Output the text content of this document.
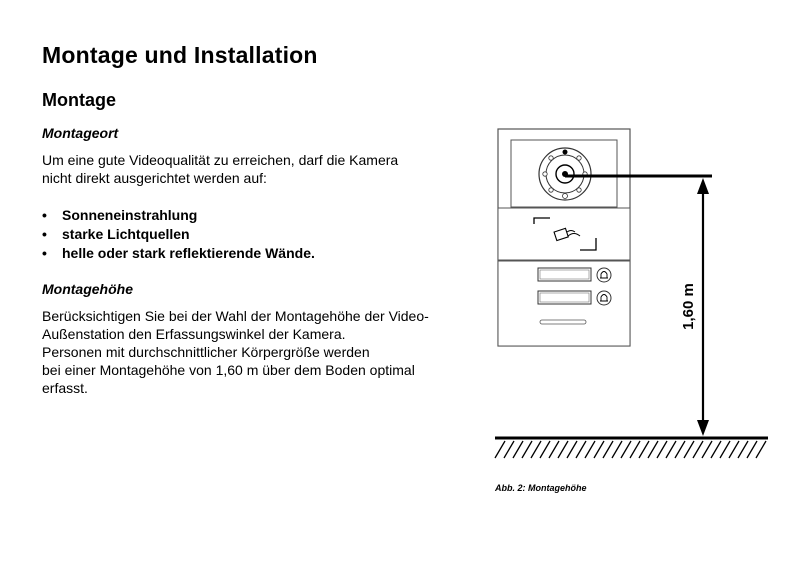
Montage und Installation
Montage
Montageort
Um eine gute Videoqualität zu erreichen, darf die Kamera
nicht direkt ausgerichtet werden auf:
• Sonneneinstrahlung
• starke Lichtquellen
• helle oder stark reflektierende Wände.
Montagehöhe
Berücksichtigen Sie bei der Wahl der Montagehöhe der Video-
Außenstation den Erfassungswinkel der Kamera.
Personen mit durchschnittlicher Körpergröße werden
bei einer Montagehöhe von 1,60 m über dem Boden optimal
erfasst.
1,60 m
Abb. 2: Montagehöhe
